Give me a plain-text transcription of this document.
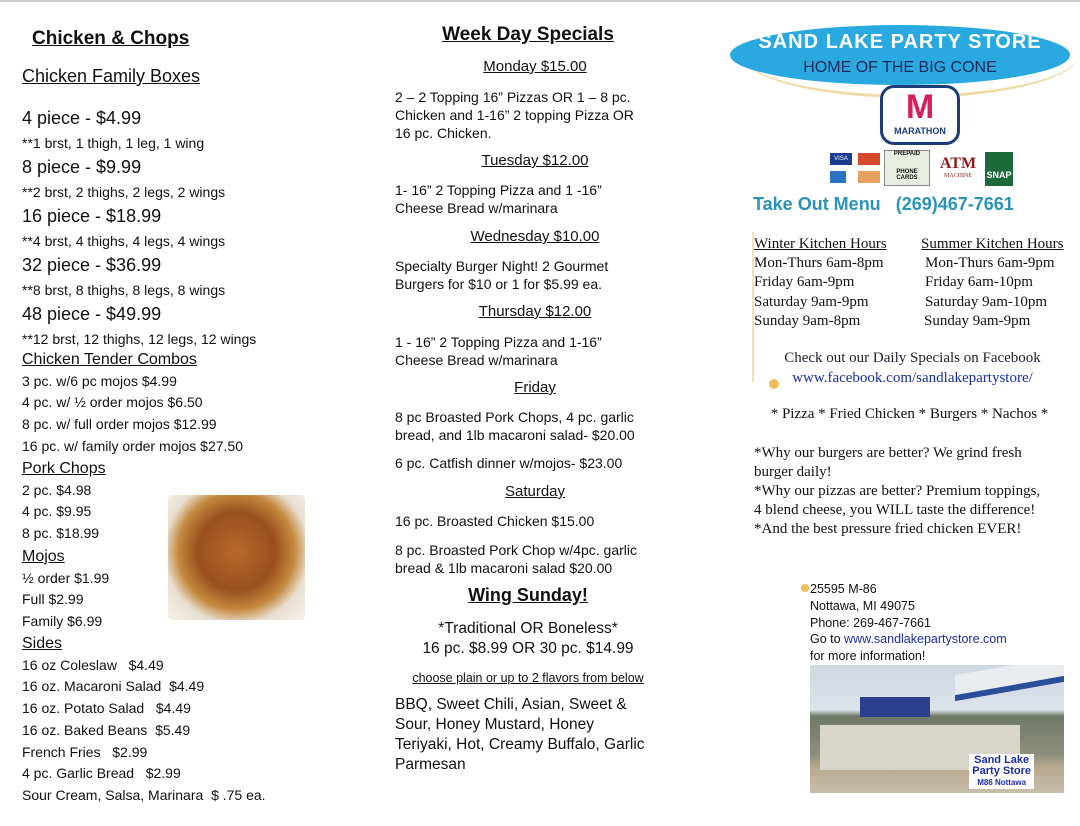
Chicken & Chops
Chicken Family Boxes
4 piece - $4.99
**1 brst, 1 thigh, 1 leg, 1 wing
8 piece - $9.99
**2 brst, 2 thighs, 2 legs, 2 wings
16 piece - $18.99
**4 brst, 4 thighs, 4 legs, 4 wings
32 piece - $36.99
**8 brst, 8 thighs, 8 legs, 8 wings
48 piece - $49.99
**12 brst, 12 thighs, 12 legs, 12 wings
Chicken Tender Combos
3 pc. w/6 pc mojos $4.99
4 pc. w/ ½ order mojos $6.50
8 pc. w/ full order mojos $12.99
16 pc. w/ family order mojos $27.50
Pork Chops
2 pc. $4.98
4 pc. $9.95
8 pc. $18.99
Mojos
½ order $1.99
Full $2.99
Family $6.99
Sides
16 oz Coleslaw   $4.49
16 oz. Macaroni Salad  $4.49
16 oz. Potato Salad   $4.49
16 oz. Baked Beans  $5.49
French Fries   $2.99
4 pc. Garlic Bread   $2.99
Sour Cream, Salsa, Marinara  $ .75 ea.
Week Day Specials
Monday $15.00
2 – 2 Topping 16” Pizzas OR 1 – 8 pc.
Chicken and 1-16” 2 topping Pizza OR
16 pc. Chicken.
Tuesday $12.00
1- 16” 2 Topping Pizza and 1 -16”
Cheese Bread w/marinara
Wednesday $10.00
Specialty Burger Night! 2 Gourmet
Burgers for $10 or 1 for $5.99 ea.
Thursday $12.00
1 - 16” 2 Topping Pizza and 1-16”
Cheese Bread w/marinara
Friday
8 pc Broasted Pork Chops, 4 pc. garlic
bread, and 1lb macaroni salad- $20.00
6 pc. Catfish dinner w/mojos- $23.00
Saturday
16 pc. Broasted Chicken $15.00
8 pc. Broasted Pork Chop w/4pc. garlic
bread & 1lb macaroni salad $20.00
Wing Sunday!
*Traditional OR Boneless*
16 pc. $8.99 OR 30 pc. $14.99
choose plain or up to 2 flavors from below
BBQ, Sweet Chili, Asian, Sweet &
Sour, Honey Mustard, Honey
Teriyaki, Hot, Creamy Buffalo, Garlic
Parmesan
SAND LAKE PARTY STORE
HOME OF THE BIG CONE
M
MARATHON
VISA
PREPAID
PHONE CARDS
ATM
MACHINE	SNAP
Take Out Menu (269)467-7661
Winter Kitchen Hours
Mon-Thurs 6am-8pm
Friday 6am-9pm
Saturday 9am-9pm
Sunday 9am-8pm
Summer Kitchen Hours
Mon-Thurs 6am-9pm
Friday 6am-10pm
Saturday 9am-10pm
Sunday 9am-9pm
Check out our Daily Specials on Facebook
www.facebook.com/sandlakepartystore/
* Pizza * Fried Chicken * Burgers * Nachos *
*Why our burgers are better? We grind fresh
burger daily!
*Why our pizzas are better? Premium toppings,
4 blend cheese, you WILL taste the difference!
*And the best pressure fried chicken EVER!
25595 M-86
Nottawa, MI 49075
Phone: 269-467-7661
Go to www.sandlakepartystore.com
for more information!
Sand Lake
Party Store
M86 Nottawa
